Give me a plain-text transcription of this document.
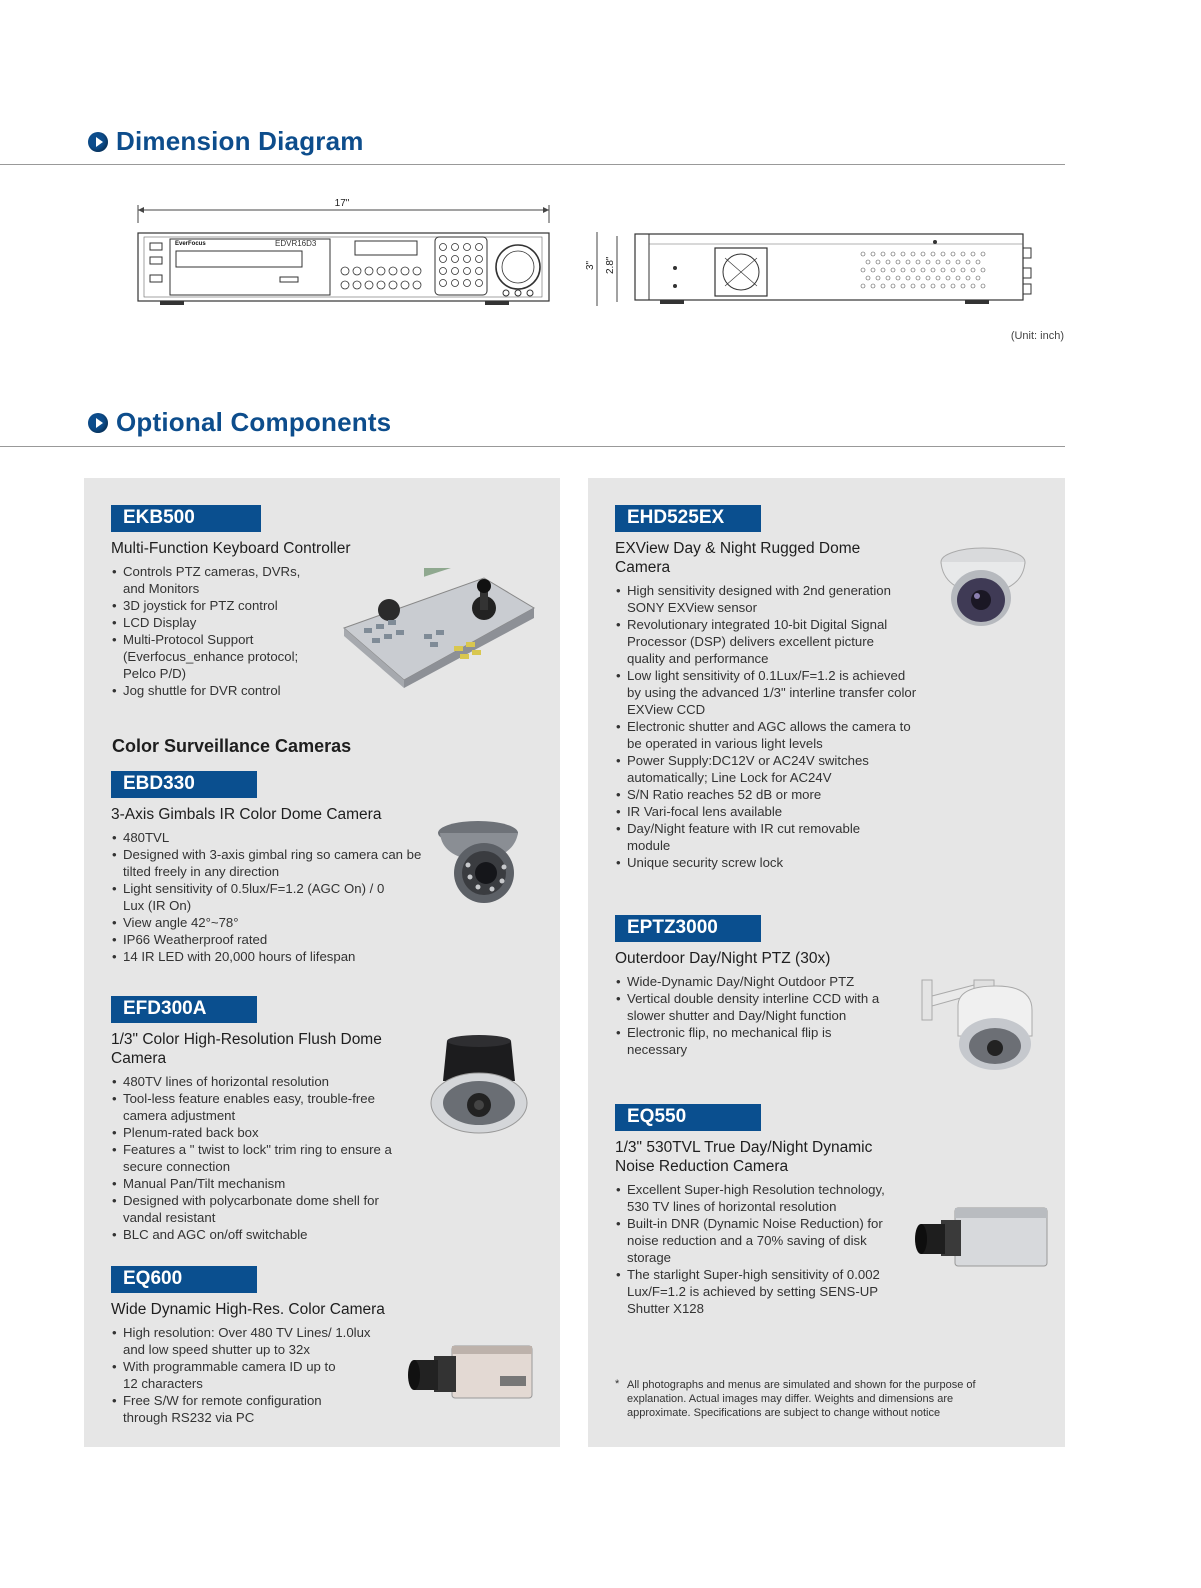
Dimension Diagram
17"
EverFocus	EDVR16D3
3" 2.8"
(Unit: inch)
Optional Components
EKB500
Multi-Function Keyboard Controller
• Controls PTZ cameras, DVRs, and Monitors
• 3D joystick for PTZ control
• LCD Display
• Multi-Protocol Support (Everfocus_enhance protocol; Pelco P/D)
• Jog shuttle for DVR control
Color Surveillance Cameras
EBD330
3-Axis Gimbals IR Color Dome Camera
• 480TVL
• Designed with 3-axis gimbal ring so camera can be tilted freely in any direction
• Light sensitivity of 0.5lux/F=1.2 (AGC On) / 0 Lux (IR On)
• View angle 42°~78°
• IP66 Weatherproof rated
• 14 IR LED with 20,000 hours of lifespan
EFD300A
1/3" Color High-Resolution Flush Dome Camera
• 480TV lines of horizontal resolution
• Tool-less feature enables easy, trouble-free camera adjustment
• Plenum-rated back box
• Features a " twist to lock" trim ring to ensure a secure connection
• Manual Pan/Tilt mechanism
• Designed with polycarbonate dome shell for vandal resistant
• BLC and AGC on/off switchable
EQ600
Wide Dynamic High-Res. Color Camera
• High resolution: Over 480 TV Lines/ 1.0lux and low speed shutter up to 32x
• With programmable camera ID up to 12 characters
• Free S/W for remote configuration through RS232 via PC
EHD525EX
EXView Day & Night Rugged Dome Camera
• High sensitivity designed with 2nd generation SONY EXView sensor
• Revolutionary integrated 10-bit Digital Signal Processor (DSP) delivers excellent picture quality and performance
• Low light sensitivity of 0.1Lux/F=1.2 is achieved by using the advanced 1/3" interline transfer color EXView CCD
• Electronic shutter and AGC allows the camera to be operated in various light levels
• Power Supply:DC12V or AC24V switches automatically; Line Lock for AC24V
• S/N Ratio reaches 52 dB or more
• IR Vari-focal lens available
• Day/Night feature with IR cut removable module
• Unique security screw lock
EPTZ3000
Outerdoor Day/Night PTZ (30x)
• Wide-Dynamic Day/Night Outdoor PTZ
• Vertical double density interline CCD with a slower shutter and Day/Night function
• Electronic flip, no mechanical flip is necessary
EQ550
1/3" 530TVL True Day/Night Dynamic Noise Reduction Camera
• Excellent Super-high Resolution technology, 530 TV lines of horizontal resolution
• Built-in DNR (Dynamic Noise Reduction) for noise reduction and a 70% saving of disk storage
• The starlight Super-high sensitivity of 0.002 Lux/F=1.2 is achieved by setting SENS-UP Shutter X128
* All photographs and menus are simulated and shown for the purpose of explanation. Actual images may differ. Weights and dimensions are approximate. Specifications are subject to change without notice
